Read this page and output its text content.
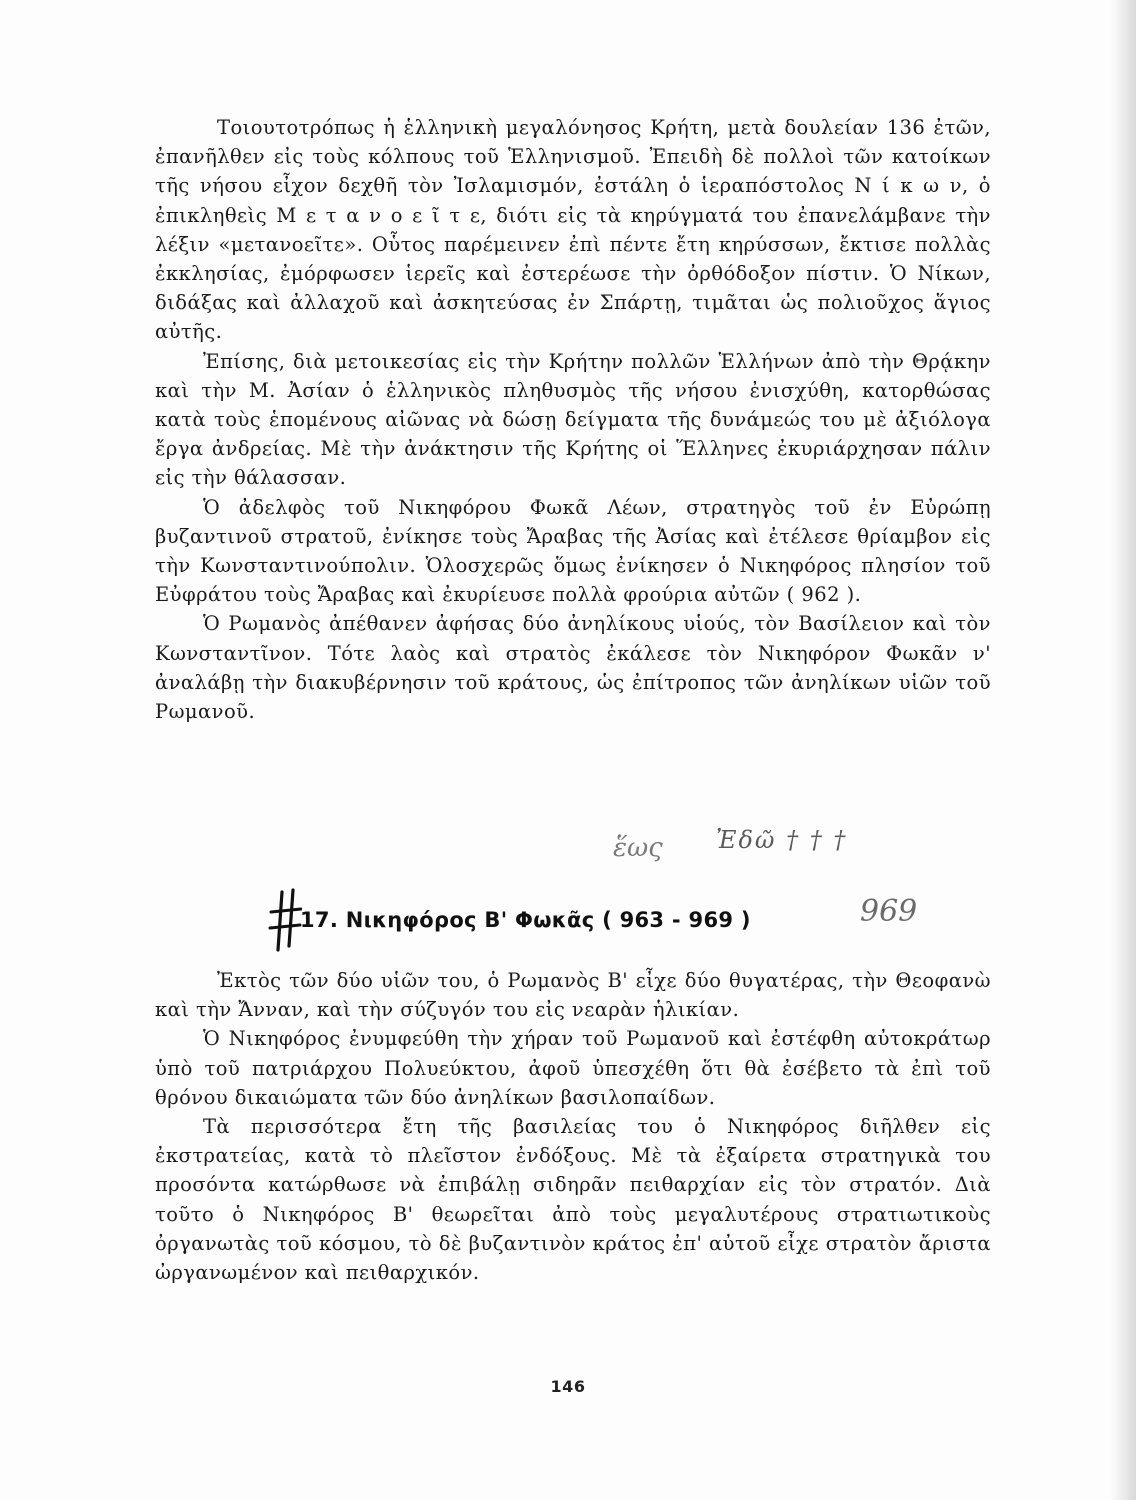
Τοιουτοτρόπως ἡ ἑλληνικὴ μεγαλόνησος Κρήτη, μετὰ δουλείαν 136 ἐτῶν, ἐπανῆλθεν εἰς τοὺς κόλπους τοῦ Ἑλληνισμοῦ. Ἐπειδὴ δὲ πολλοὶ τῶν κατοίκων τῆς νήσου εἶχον δεχθῆ τὸν Ἰσλαμισμόν, ἐστάλη ὁ ἱεραπόστολος Ν ί κ ω ν, ὁ ἐπικληθεὶς Μ ε τ α ν ο ε ῖ τ ε, διότι εἰς τὰ κηρύγματά του ἐπανελάμβανε τὴν λέξιν «μετανοεῖτε». Οὗτος παρέμεινεν ἐπὶ πέντε ἔτη κηρύσσων, ἔκτισε πολλὰς ἐκκλησίας, ἐμόρφωσεν ἱερεῖς καὶ ἐστερέωσε τὴν ὀρθόδοξον πίστιν. Ὁ Νίκων, διδάξας καὶ ἀλλαχοῦ καὶ ἀσκητεύσας ἐν Σπάρτῃ, τιμᾶται ὡς πολιοῦχος ἅγιος αὐτῆς.

Ἐπίσης, διὰ μετοικεσίας εἰς τὴν Κρήτην πολλῶν Ἑλλήνων ἀπὸ τὴν Θρᾴκην καὶ τὴν Μ. Ἀσίαν ὁ ἑλληνικὸς πληθυσμὸς τῆς νήσου ἐνισχύθη, κατορθώσας κατὰ τοὺς ἑπομένους αἰῶνας νὰ δώσῃ δείγματα τῆς δυνάμεώς του μὲ ἀξιόλογα ἔργα ἀνδρείας. Μὲ τὴν ἀνάκτησιν τῆς Κρήτης οἱ Ἕλληνες ἐκυριάρχησαν πάλιν εἰς τὴν θάλασσαν.

Ὁ ἀδελφὸς τοῦ Νικηφόρου Φωκᾶ Λέων, στρατηγὸς τοῦ ἐν Εὐρώπῃ βυζαντινοῦ στρατοῦ, ἐνίκησε τοὺς Ἄραβας τῆς Ἀσίας καὶ ἐτέλεσε θρίαμβον εἰς τὴν Κωνσταντινούπολιν. Ὁλοσχερῶς ὅμως ἐνίκησεν ὁ Νικηφόρος πλησίον τοῦ Εὐφράτου τοὺς Ἄραβας καὶ ἐκυρίευσε πολλὰ φρούρια αὐτῶν ( 962 ).

Ὁ Ρωμανὸς ἀπέθανεν ἀφήσας δύο ἀνηλίκους υἱούς, τὸν Βασίλειον καὶ τὸν Κωνσταντῖνον. Τότε λαὸς καὶ στρατὸς ἐκάλεσε τὸν Νικηφόρον Φωκᾶν ν' ἀναλάβῃ τὴν διακυβέρνησιν τοῦ κράτους, ὡς ἐπίτροπος τῶν ἀνηλίκων υἱῶν τοῦ Ρωμανοῦ.

ἕως Ἐδῶ † † †
17. Νικηφόρος Β' Φωκᾶς ( 963 - 969 )	969

Ἐκτὸς τῶν δύο υἱῶν του, ὁ Ρωμανὸς Β' εἶχε δύο θυγατέρας, τὴν Θεοφανὼ καὶ τὴν Ἄνναν, καὶ τὴν σύζυγόν του εἰς νεαρὰν ἡλικίαν.

Ὁ Νικηφόρος ἐνυμφεύθη τὴν χήραν τοῦ Ρωμανοῦ καὶ ἐστέφθη αὐτοκράτωρ ὑπὸ τοῦ πατριάρχου Πολυεύκτου, ἀφοῦ ὑπεσχέθη ὅτι θὰ ἐσέβετο τὰ ἐπὶ τοῦ θρόνου δικαιώματα τῶν δύο ἀνηλίκων βασιλοπαίδων.

Τὰ περισσότερα ἔτη τῆς βασιλείας του ὁ Νικηφόρος διῆλθεν εἰς ἐκστρατείας, κατὰ τὸ πλεῖστον ἐνδόξους. Μὲ τὰ ἐξαίρετα στρατηγικὰ του προσόντα κατώρθωσε νὰ ἐπιβάλῃ σιδηρᾶν πειθαρχίαν εἰς τὸν στρατόν. Διὰ τοῦτο ὁ Νικηφόρος Β' θεωρεῖται ἀπὸ τοὺς μεγαλυτέρους στρατιωτικοὺς ὀργανωτὰς τοῦ κόσμου, τὸ δὲ βυζαντινὸν κράτος ἐπ' αὐτοῦ εἶχε στρατὸν ἄριστα ὠργανωμένον καὶ πειθαρχικόν.

146
